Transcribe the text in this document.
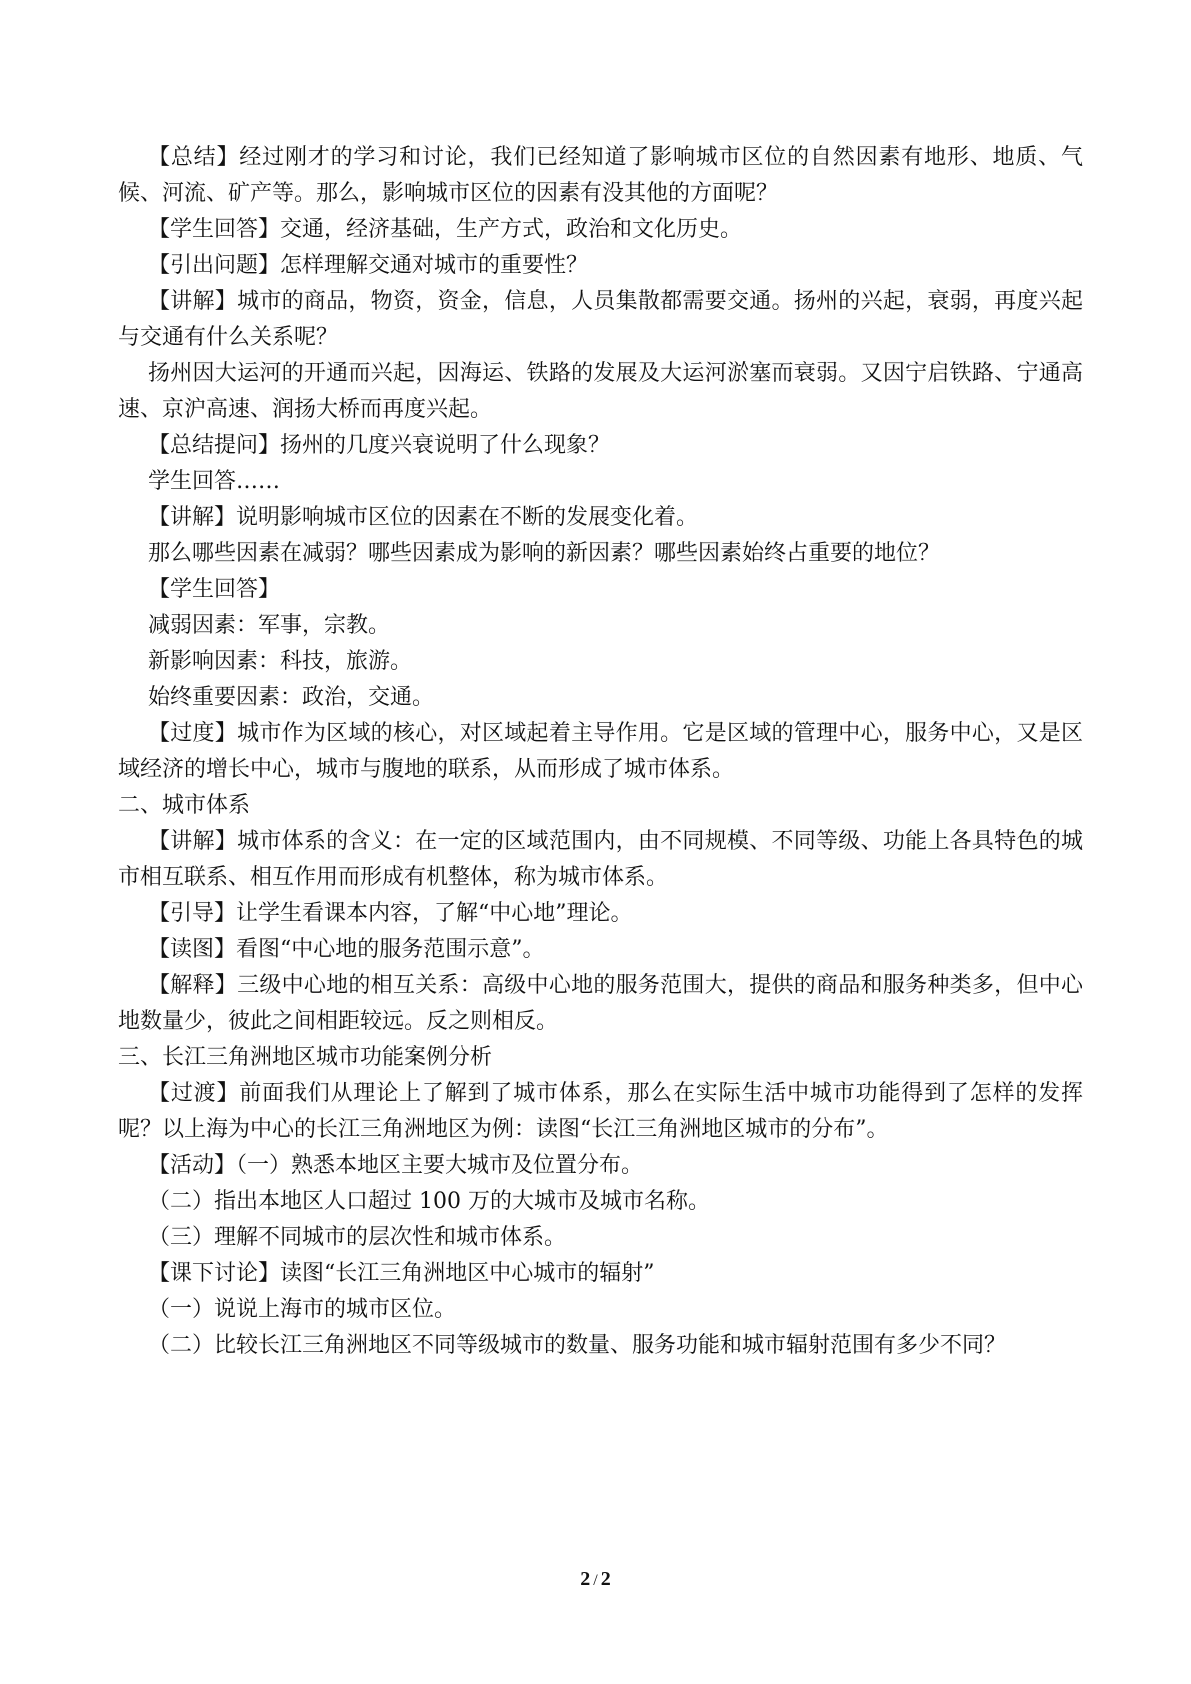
【总结】经过刚才的学习和讨论，我们已经知道了影响城市区位的自然因素有地形、地质、气候、河流、矿产等。那么，影响城市区位的因素有没其他的方面呢？

【学生回答】交通，经济基础，生产方式，政治和文化历史。

【引出问题】怎样理解交通对城市的重要性？

【讲解】城市的商品，物资，资金，信息，人员集散都需要交通。扬州的兴起，衰弱，再度兴起与交通有什么关系呢？

扬州因大运河的开通而兴起，因海运、铁路的发展及大运河淤塞而衰弱。又因宁启铁路、宁通高速、京沪高速、润扬大桥而再度兴起。

【总结提问】扬州的几度兴衰说明了什么现象？

学生回答……

【讲解】说明影响城市区位的因素在不断的发展变化着。

那么哪些因素在减弱？哪些因素成为影响的新因素？哪些因素始终占重要的地位？

【学生回答】

减弱因素：军事，宗教。

新影响因素：科技，旅游。

始终重要因素：政治，交通。

【过度】城市作为区域的核心，对区域起着主导作用。它是区域的管理中心，服务中心，又是区域经济的增长中心，城市与腹地的联系，从而形成了城市体系。

二、城市体系

【讲解】城市体系的含义：在一定的区域范围内，由不同规模、不同等级、功能上各具特色的城市相互联系、相互作用而形成有机整体，称为城市体系。

【引导】让学生看课本内容，了解“中心地”理论。

【读图】看图“中心地的服务范围示意”。

【解释】三级中心地的相互关系：高级中心地的服务范围大，提供的商品和服务种类多，但中心地数量少，彼此之间相距较远。反之则相反。

三、长江三角洲地区城市功能案例分析

【过渡】前面我们从理论上了解到了城市体系，那么在实际生活中城市功能得到了怎样的发挥呢？以上海为中心的长江三角洲地区为例：读图“长江三角洲地区城市的分布”。

【活动】（一）熟悉本地区主要大城市及位置分布。

（二）指出本地区人口超过 100 万的大城市及城市名称。

（三）理解不同城市的层次性和城市体系。

【课下讨论】读图“长江三角洲地区中心城市的辐射”

（一）说说上海市的城市区位。

（二）比较长江三角洲地区不同等级城市的数量、服务功能和城市辐射范围有多少不同？

2 / 2
